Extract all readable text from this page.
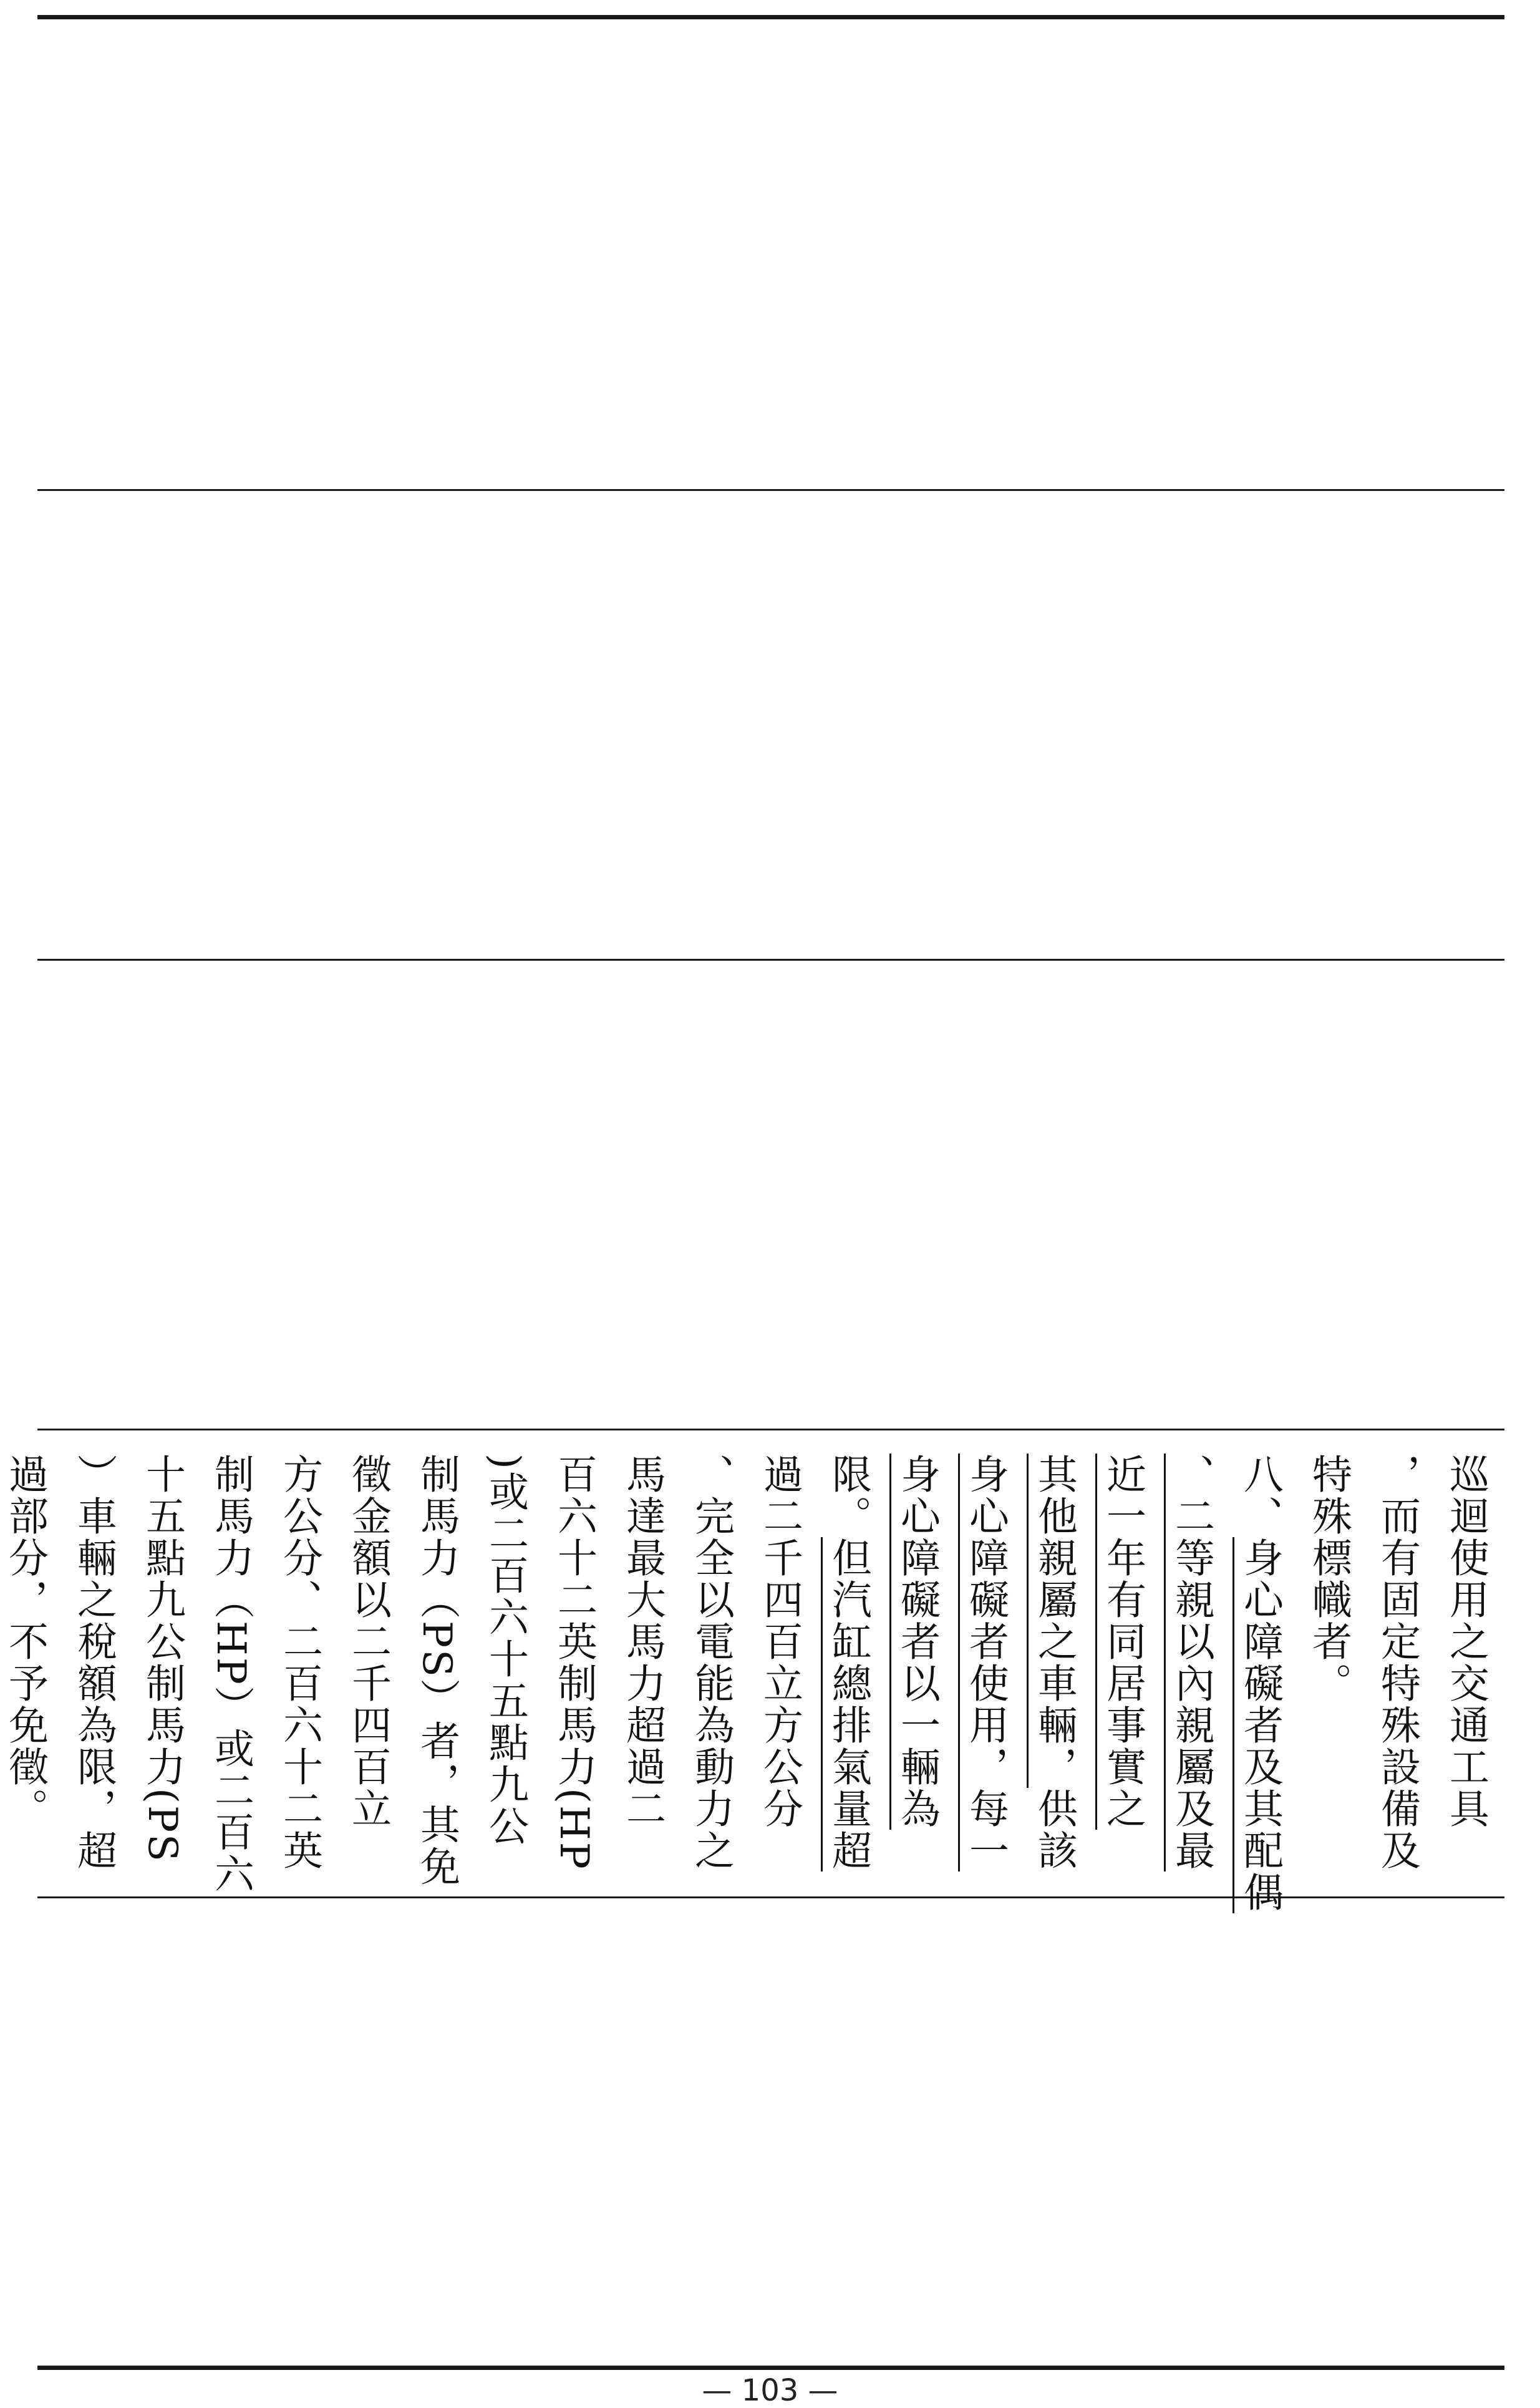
巡迴使用之交通工具
，而有固定特殊設備及
特殊標幟者。
八、身心障礙者及其配偶
、二等親以內親屬及最
近一年有同居事實之
其他親屬之車輛，供該
身心障礙者使用，每一
身心障礙者以一輛為
限。但汽缸總排氣量超
過二千四百立方公分
、完全以電能為動力之
馬達最大馬力超過二
百六十二英制馬力(HP
)或二百六十五點九公
制馬力（PS）者，其免
徵金額以二千四百立
方公分、二百六十二英
制馬力（HP）或二百六
十五點九公制馬力(PS
）車輛之稅額為限，超
過部分，不予免徵。
— 103 —
